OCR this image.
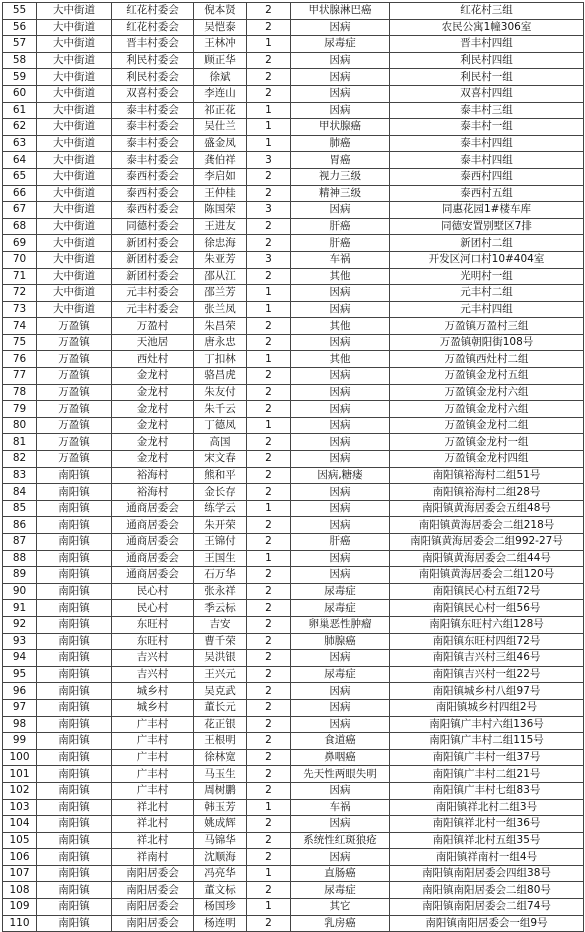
55	大中街道	红花村委会	倪本贤	2	甲状腺淋巴癌	红花村三组
56	大中街道	红花村委会	吴恺泰	2	因病	农民公寓1幢306室
57	大中街道	晋丰村委会	王林冲	1	尿毒症	晋丰村四组
58	大中街道	利民村委会	顾正华	2	因病	利民村四组
59	大中街道	利民村委会	徐斌	2	因病	利民村一组
60	大中街道	双喜村委会	李连山	2	因病	双喜村四组
61	大中街道	泰丰村委会	祁正花	1	因病	泰丰村三组
62	大中街道	泰丰村委会	吴仕兰	1	甲状腺癌	泰丰村一组
63	大中街道	泰丰村委会	盛金凤	1	肺癌	泰丰村四组
64	大中街道	泰丰村委会	龚伯祥	3	胃癌	泰丰村四组
65	大中街道	泰西村委会	李启如	2	视力三级	泰西村四组
66	大中街道	泰西村委会	王仲桂	2	精神三级	泰西村五组
67	大中街道	泰西村委会	陈国荣	3	因病	同惠花园1#楼车库
68	大中街道	同德村委会	王进友	2	肝癌	同德安置别墅区7排
69	大中街道	新团村委会	徐忠海	2	肝癌	新团村二组
70	大中街道	新团村委会	朱亚芳	3	车祸	开发区河口村10#404室
71	大中街道	新团村委会	邵从江	2	其他	光明村一组
72	大中街道	元丰村委会	邵兰芳	1	因病	元丰村二组
73	大中街道	元丰村委会	张兰凤	1	因病	元丰村四组
74	万盈镇	万盈村	朱昌荣	2	其他	万盈镇万盈村三组
75	万盈镇	天池居	唐永忠	2	因病	万盈镇朝阳街108号
76	万盈镇	西灶村	丁扣林	1	其他	万盈镇西灶村二组
77	万盈镇	金龙村	骆昌虎	2	因病	万盈镇金龙村五组
78	万盈镇	金龙村	朱友付	2	因病	万盈镇金龙村六组
79	万盈镇	金龙村	朱千云	2	因病	万盈镇金龙村六组
80	万盈镇	金龙村	丁德凤	1	因病	万盈镇金龙村二组
81	万盈镇	金龙村	高国	2	因病	万盈镇金龙村一组
82	万盈镇	金龙村	宋文春	2	因病	万盈镇金龙村四组
83	南阳镇	裕海村	熊和平	2	因病,糖瘘	南阳镇裕海村二组51号
84	南阳镇	裕海村	金长存	2	因病	南阳镇裕海村二组28号
85	南阳镇	通商居委会	练学云	1	因病	南阳镇黄海居委会五组48号
86	南阳镇	通商居委会	朱开荣	2	因病	南阳镇黄海居委会二组218号
87	南阳镇	通商居委会	王锦付	2	肝癌	南阳镇黄海居委会二组992-27号
88	南阳镇	通商居委会	王国生	1	因病	南阳镇黄海居委会二组44号
89	南阳镇	通商居委会	石万华	2	因病	南阳镇黄海居委会二组120号
90	南阳镇	民心村	张永祥	2	尿毒症	南阳镇民心村五组72号
91	南阳镇	民心村	季云标	2	尿毒症	南阳镇民心村一组56号
92	南阳镇	东旺村	吉安	2	卵巢恶性肿瘤	南阳镇东旺村六组128号
93	南阳镇	东旺村	曹千荣	2	肺腺癌	南阳镇东旺村四组72号
94	南阳镇	吉兴村	吴洪银	2	因病	南阳镇吉兴村三组46号
95	南阳镇	吉兴村	王兴元	2	尿毒症	南阳镇吉兴村一组22号
96	南阳镇	城乡村	吴克武	2	因病	南阳镇城乡村八组97号
97	南阳镇	城乡村	董长元	2	因病	南阳镇城乡村四组2号
98	南阳镇	广丰村	花正银	2	因病	南阳镇广丰村六组136号
99	南阳镇	广丰村	王根明	2	食道癌	南阳镇广丰村二组115号
100	南阳镇	广丰村	徐林宽	2	鼻咽癌	南阳镇广丰村一组37号
101	南阳镇	广丰村	马玉生	2	先天性两眼失明	南阳镇广丰村二组21号
102	南阳镇	广丰村	周树鹏	2	因病	南阳镇广丰村七组83号
103	南阳镇	祥北村	韩玉芳	1	车祸	南阳镇祥北村二组3号
104	南阳镇	祥北村	姚成辉	2	因病	南阳镇祥北村一组36号
105	南阳镇	祥北村	马锦华	2	系统性红斑狼疮	南阳镇祥北村五组35号
106	南阳镇	祥南村	沈顺海	2	因病	南阳镇祥南村一组4号
107	南阳镇	南阳居委会	冯亮华	1	直肠癌	南阳镇南阳居委会四组38号
108	南阳镇	南阳居委会	董文标	2	尿毒症	南阳镇南阳居委会二组80号
109	南阳镇	南阳居委会	杨国珍	1	其它	南阳镇南阳居委会二组74号
110	南阳镇	南阳居委会	杨连明	2	乳房癌	南阳镇南阳居委会一组9号
